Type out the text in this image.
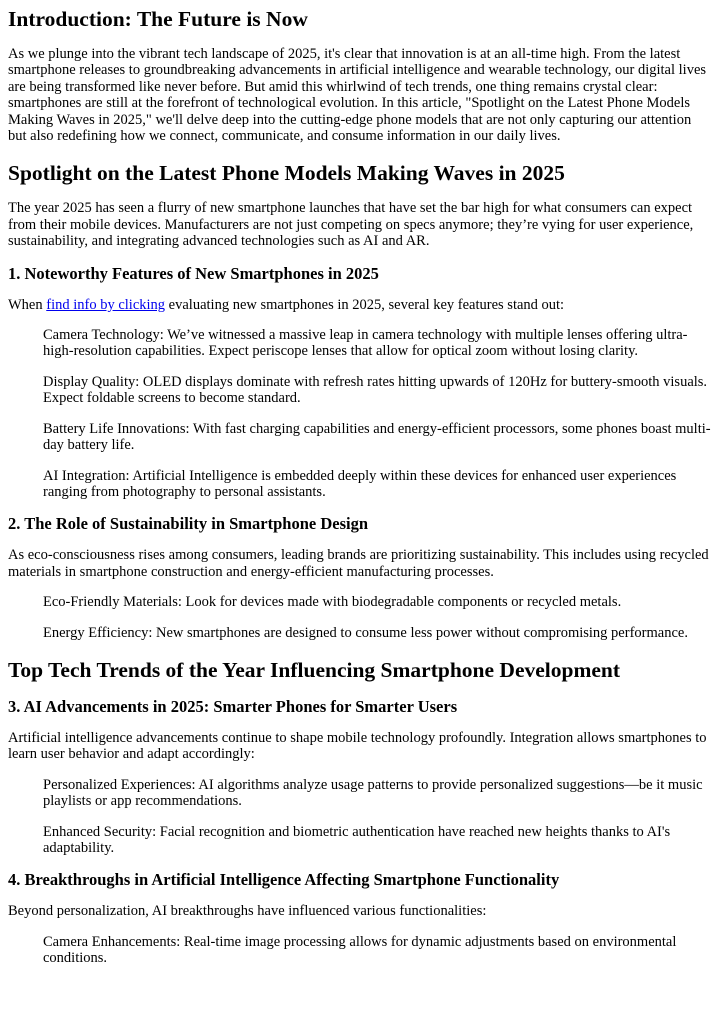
Introduction: The Future is Now

As we plunge into the vibrant tech landscape of 2025, it's clear that innovation is at an all-time high. From the latest smartphone releases to groundbreaking advancements in artificial intelligence and wearable technology, our digital lives are being transformed like never before. But amid this whirlwind of tech trends, one thing remains crystal clear: smartphones are still at the forefront of technological evolution. In this article, "Spotlight on the Latest Phone Models Making Waves in 2025," we'll delve deep into the cutting-edge phone models that are not only capturing our attention but also redefining how we connect, communicate, and consume information in our daily lives.

Spotlight on the Latest Phone Models Making Waves in 2025

The year 2025 has seen a flurry of new smartphone launches that have set the bar high for what consumers can expect from their mobile devices. Manufacturers are not just competing on specs anymore; they’re vying for user experience, sustainability, and integrating advanced technologies such as AI and AR.

1. Noteworthy Features of New Smartphones in 2025

When find info by clicking evaluating new smartphones in 2025, several key features stand out:

Camera Technology: We’ve witnessed a massive leap in camera technology with multiple lenses offering ultra-high-resolution capabilities. Expect periscope lenses that allow for optical zoom without losing clarity.
Display Quality: OLED displays dominate with refresh rates hitting upwards of 120Hz for buttery-smooth visuals. Expect foldable screens to become standard.
Battery Life Innovations: With fast charging capabilities and energy-efficient processors, some phones boast multi-day battery life.
AI Integration: Artificial Intelligence is embedded deeply within these devices for enhanced user experiences ranging from photography to personal assistants.
2. The Role of Sustainability in Smartphone Design

As eco-consciousness rises among consumers, leading brands are prioritizing sustainability. This includes using recycled materials in smartphone construction and energy-efficient manufacturing processes.

Eco-Friendly Materials: Look for devices made with biodegradable components or recycled metals.
Energy Efficiency: New smartphones are designed to consume less power without compromising performance.
Top Tech Trends of the Year Influencing Smartphone Development
3. AI Advancements in 2025: Smarter Phones for Smarter Users

Artificial intelligence advancements continue to shape mobile technology profoundly. Integration allows smartphones to learn user behavior and adapt accordingly:

Personalized Experiences: AI algorithms analyze usage patterns to provide personalized suggestions—be it music playlists or app recommendations.
Enhanced Security: Facial recognition and biometric authentication have reached new heights thanks to AI's adaptability.
4. Breakthroughs in Artificial Intelligence Affecting Smartphone Functionality

Beyond personalization, AI breakthroughs have influenced various functionalities:

Camera Enhancements: Real-time image processing allows for dynamic adjustments based on environmental conditions.
